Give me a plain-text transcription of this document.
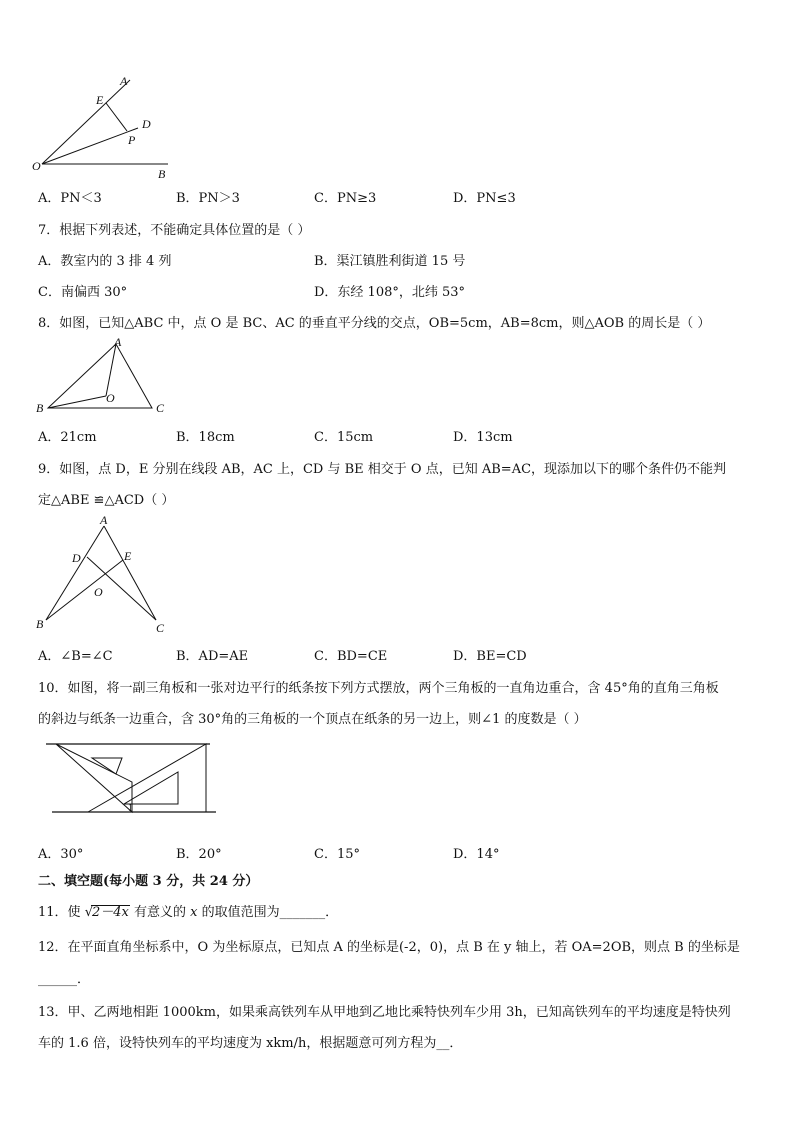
A
E
D
P
O
B
A．PN＜3	B．PN＞3	C．PN≥3	D．PN≤3
7．根据下列表述，不能确定具体位置的是（ ）
A．教室内的 3 排 4 列	B．渠江镇胜利街道 15 号
C．南偏西 30°	D．东经 108°，北纬 53°
8．如图，已知△ABC 中，点 O 是 BC、AC 的垂直平分线的交点，OB=5cm，AB=8cm，则△AOB 的周长是（ ）
A
O
B	C
A．21cm	B．18cm	C．15cm	D．13cm
9．如图，点 D，E 分别在线段 AB，AC 上，CD 与 BE 相交于 O 点，已知 AB=AC，现添加以下的哪个条件仍不能判
定△ABE ≌△ACD（ ）
A
D	E
O
B	C
A．∠B=∠C	B．AD=AE	C．BD=CE	D．BE=CD
10．如图，将一副三角板和一张对边平行的纸条按下列方式摆放，两个三角板的一直角边重合，含 45°角的直角三角板
的斜边与纸条一边重合，含 30°角的三角板的一个顶点在纸条的另一边上，则∠1 的度数是（ ）
1
A．30°	B．20°	C．15°	D．14°
二、填空题(每小题 3 分，共 24 分）
11．使 √2－4x 有意义的 x 的取值范围为_______．
12．在平面直角坐标系中，O 为坐标原点，已知点 A 的坐标是(-2，0)，点 B 在 y 轴上，若 OA=2OB，则点 B 的坐标是
______．
13．甲、乙两地相距 1000km，如果乘高铁列车从甲地到乙地比乘特快列车少用 3h，已知高铁列车的平均速度是特快列
车的 1.6 倍，设特快列车的平均速度为 xkm/h，根据题意可列方程为__．
